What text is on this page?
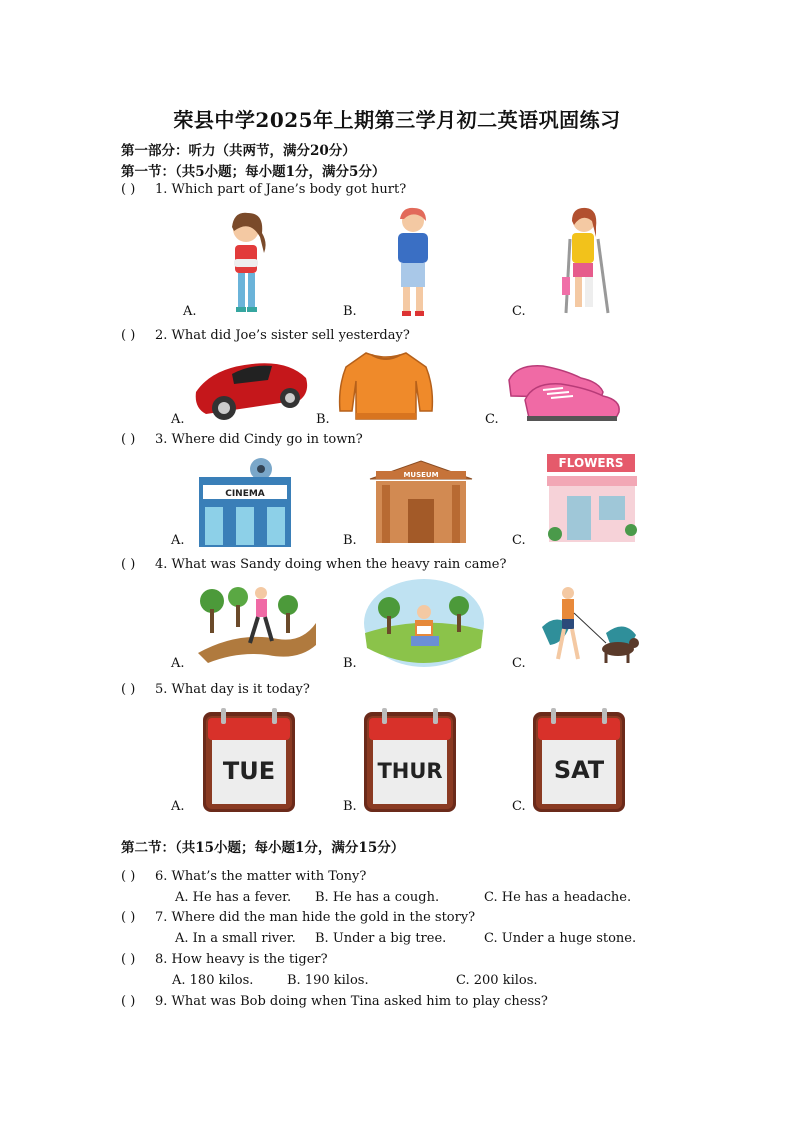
荣县中学2025年上期第三学月初二英语巩固练习
第一部分：听力（共两节，满分20分）
第一节：（共5小题；每小题1分，满分5分）
( ) 1. Which part of Jane’s body got hurt?
A.	B.	C.
( ) 2. What did Joe’s sister sell yesterday?
A.	B.	C.
( ) 3. Where did Cindy go in town?
CINEMA
MUSEUM
FLOWERS
A.	B.	C.
( ) 4. What was Sandy doing when the heavy rain came?
A.	B.	C.
( ) 5. What day is it today?
TUE	THUR	SAT
A.	B.	C.
第二节：（共15小题；每小题1分，满分15分）
( ) 6. What’s the matter with Tony?
A. He has a fever. B. He has a cough.	C. He has a headache.
( ) 7. Where did the man hide the gold in the story?
A. In a small river. B. Under a big tree.	C. Under a huge stone.
( ) 8. How heavy is the tiger?
A. 180 kilos.	B. 190 kilos.	C. 200 kilos.
( ) 9. What was Bob doing when Tina asked him to play chess?
